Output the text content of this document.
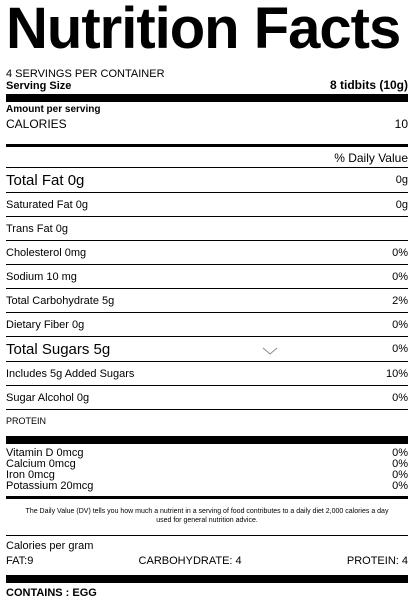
Nutrition Facts
4 SERVINGS PER CONTAINER
Serving Size	8 tidbits (10g)
Amount per serving
CALORIES	10
% Daily Value
Total Fat 0g	0g
Saturated Fat 0g	0g
Trans Fat 0g
Cholesterol 0mg	0%
Sodium 10 mg	0%
Total Carbohydrate 5g	2%
Dietary Fiber 0g	0%
Total Sugars 5g	0%
Includes 5g Added Sugars	10%
Sugar Alcohol 0g	0%
PROTEIN
Vitamin D 0mcg	0%
Calcium 0mcg	0%
Iron 0mcg	0%
Potassium 20mcg	0%
The Daily Value (DV) tells you how much a nutrient in a serving of food contributes to a daily diet 2,000 calories a day used for general nutrition advice.
Calories per gram
FAT:9	CARBOHYDRATE: 4	PROTEIN: 4
CONTAINS : EGG
